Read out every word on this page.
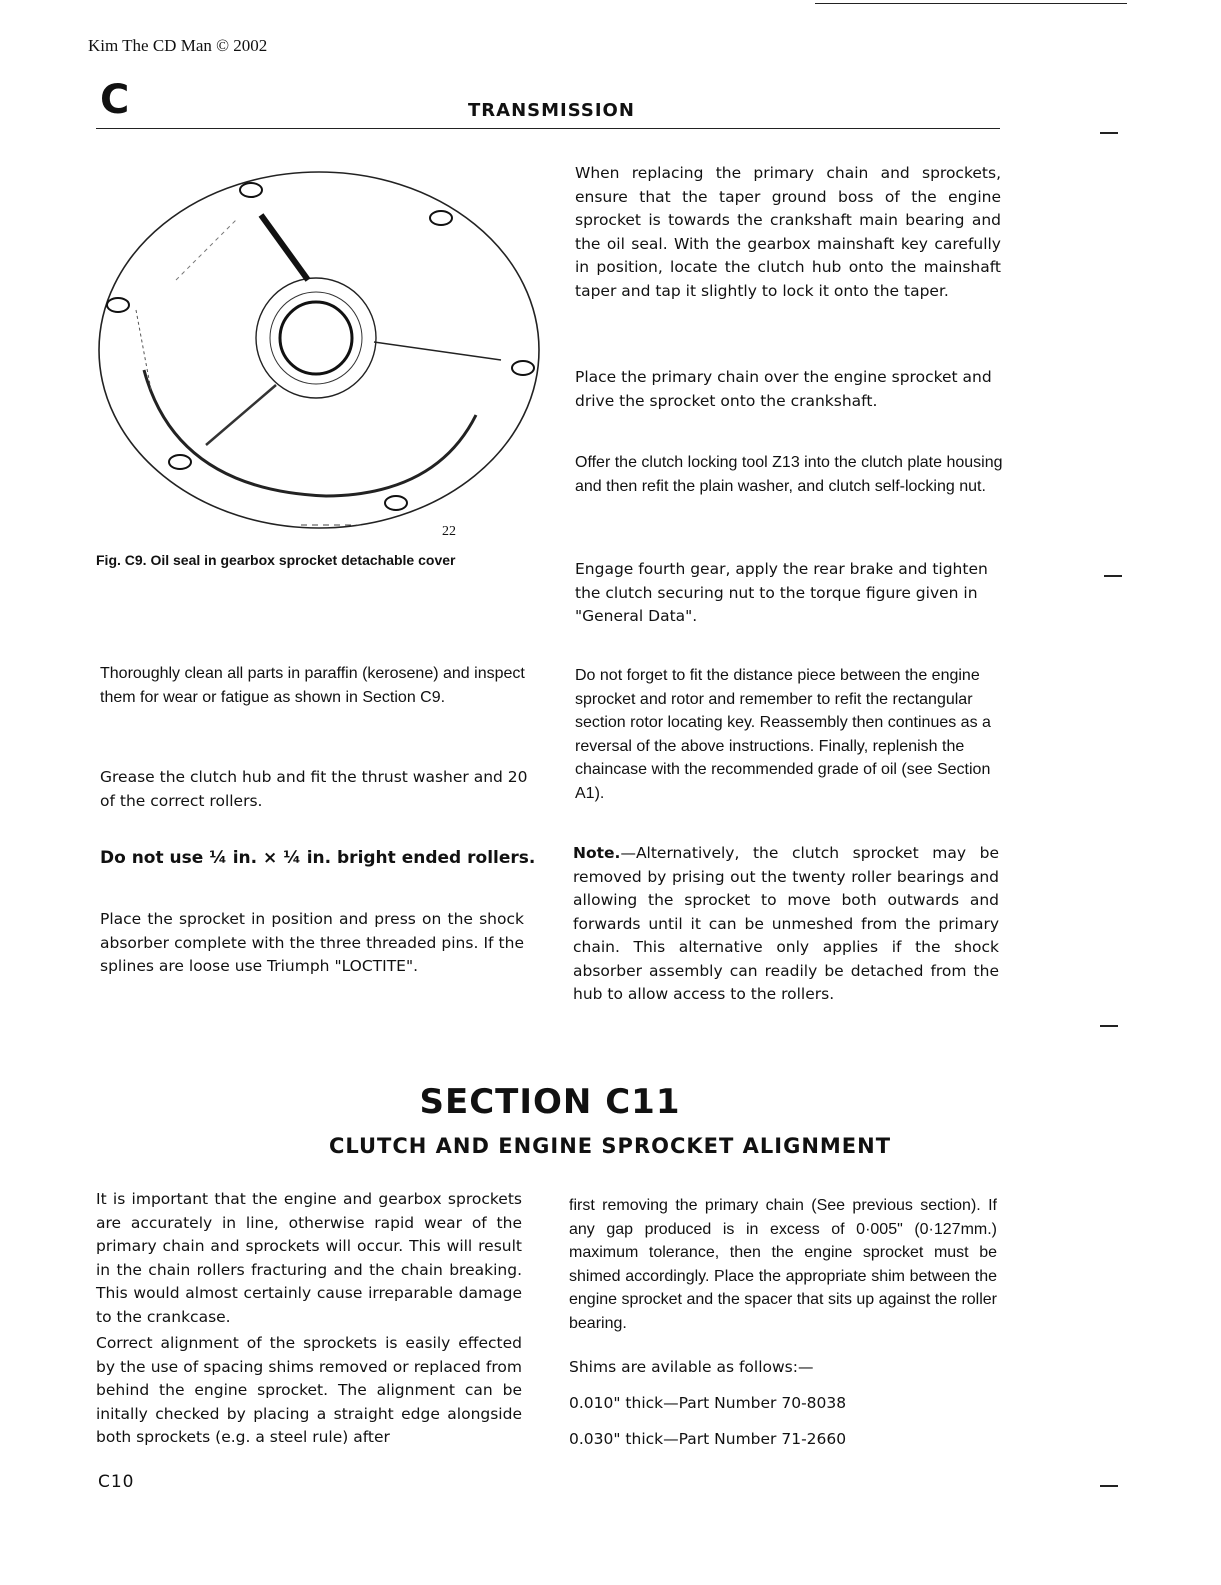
Kim The CD Man © 2002
C	TRANSMISSION
22
Fig. C9. Oil seal in gearbox sprocket detachable cover

Thoroughly clean all parts in paraffin (kerosene) and inspect them for wear or fatigue as shown in Section C9.

Grease the clutch hub and fit the thrust washer and 20 of the correct rollers.

Do not use ¼ in. × ¼ in. bright ended rollers.

Place the sprocket in position and press on the shock absorber complete with the three threaded pins. If the splines are loose use Triumph "LOCTITE".

When replacing the primary chain and sprockets, ensure that the taper ground boss of the engine sprocket is towards the crankshaft main bearing and the oil seal. With the gearbox mainshaft key carefully in position, locate the clutch hub onto the mainshaft taper and tap it slightly to lock it onto the taper.

Place the primary chain over the engine sprocket and drive the sprocket onto the crankshaft.

Offer the clutch locking tool Z13 into the clutch plate housing and then refit the plain washer, and clutch self-locking nut.

Engage fourth gear, apply the rear brake and tighten the clutch securing nut to the torque figure given in "General Data".

Do not forget to fit the distance piece between the engine sprocket and rotor and remember to refit the rectangular section rotor locating key. Reassembly then continues as a reversal of the above instructions. Finally, replenish the chaincase with the recommended grade of oil (see Section A1).

Note.—Alternatively, the clutch sprocket may be removed by prising out the twenty roller bearings and allowing the sprocket to move both outwards and forwards until it can be unmeshed from the primary chain. This alternative only applies if the shock absorber assembly can readily be detached from the hub to allow access to the rollers.

SECTION C11
CLUTCH AND ENGINE SPROCKET ALIGNMENT

It is important that the engine and gearbox sprockets are accurately in line, otherwise rapid wear of the primary chain and sprockets will occur. This will result in the chain rollers fracturing and the chain breaking. This would almost certainly cause irreparable damage to the crankcase.

Correct alignment of the sprockets is easily effected by the use of spacing shims removed or replaced from behind the engine sprocket. The alignment can be initally checked by placing a straight edge alongside both sprockets (e.g. a steel rule) after

first removing the primary chain (See previous section). If any gap produced is in excess of 0·005" (0·127mm.) maximum tolerance, then the engine sprocket must be shimed accordingly. Place the appropriate shim between the engine sprocket and the spacer that sits up against the roller bearing.

Shims are avilable as follows:—
0.010" thick—Part Number 70-8038
0.030" thick—Part Number 71-2660
C10
